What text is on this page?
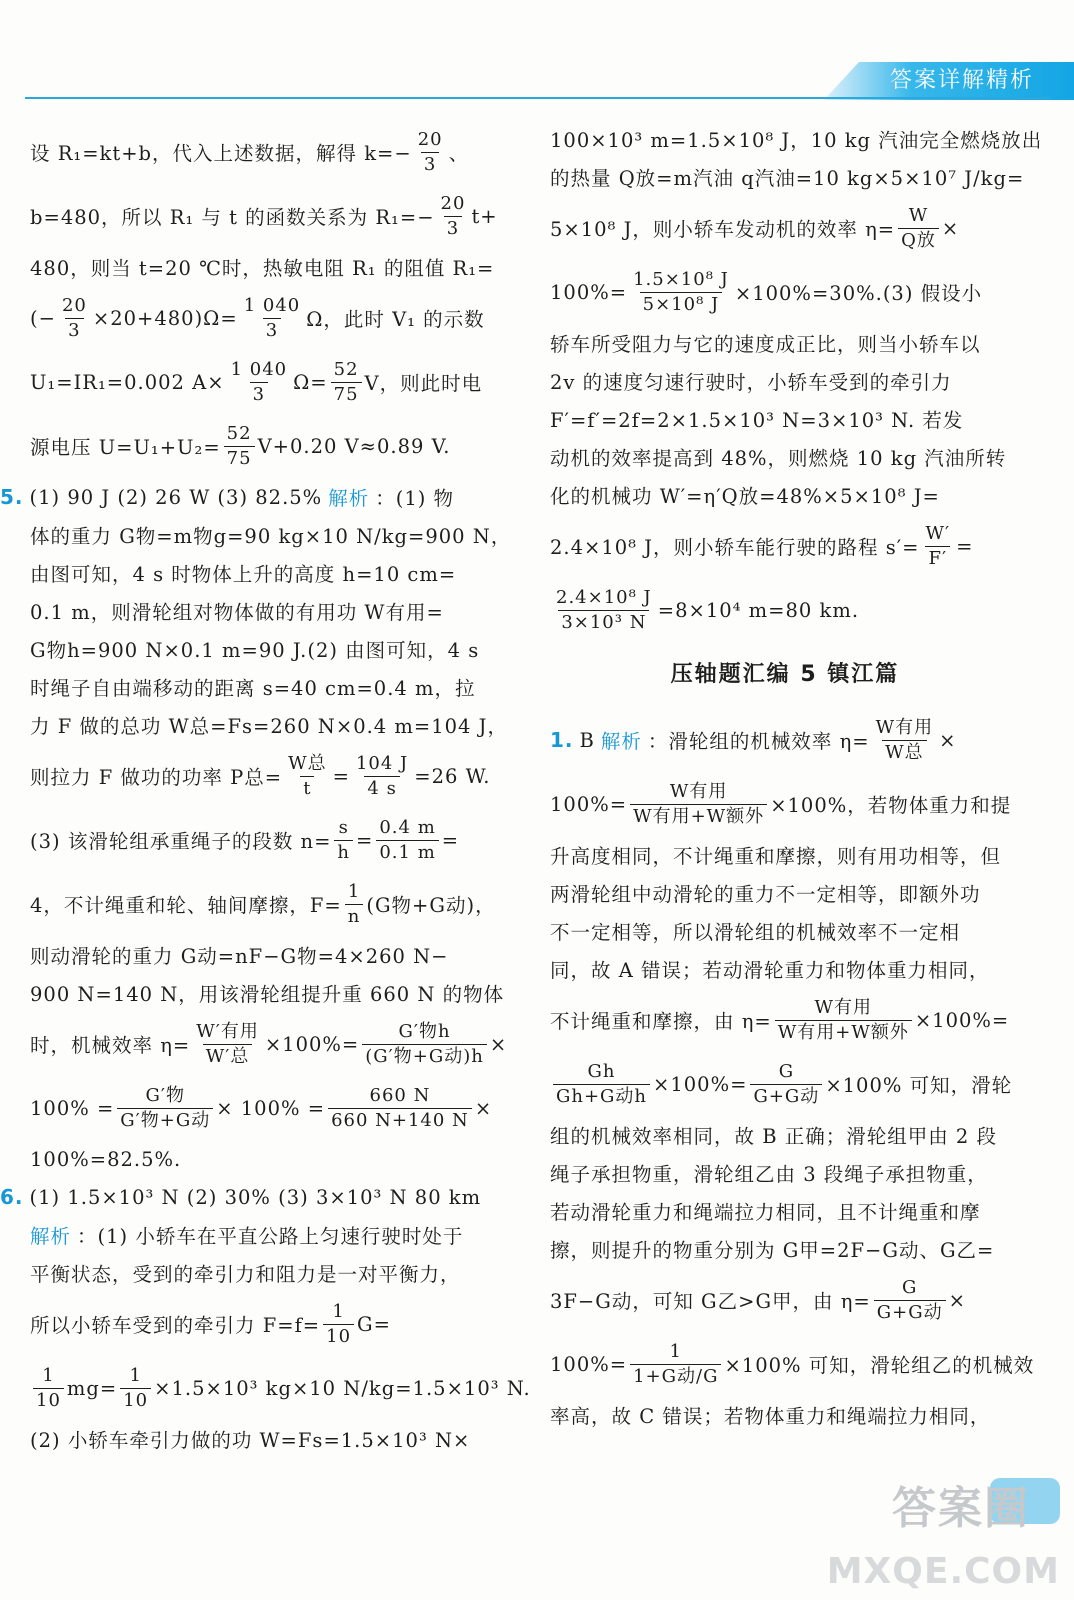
答案详解精析
设 R₁=kt+b，代入上述数据，解得 $k=- \frac{20}{3}$ 、
b=480，所以 R₁ 与 t 的函数关系为 $R_1=- \frac{20}{3} t+$
480，则当 t=20 ℃时，热敏电阻 R₁ 的阻值 R₁=
(− $\frac{20}{3} \times 20+480)\Omega= \frac{1 040}{3}$ Ω，此时 V₁ 的示数
U₁=IR₁=0.002 $A\times \frac{1 040}{3} \Omega= \frac{52}{75}$ V，则此时电
源电压 $U=U_1+U_2= \frac{52}{75} V+0.20$ V≈0.89 V.
5. (1) 90 J (2) 26 W (3) 82.5% 解析 ：(1) 物
体的重力 G物=m物g=90 kg×10 N/kg=900 N，
由图可知，4 s 时物体上升的高度 h=10 cm=
0.1 m，则滑轮组对物体做的有用功 W有用=
G物h=900 N×0.1 m=90 J.(2) 由图可知，4 s
时绳子自由端移动的距离 s=40 cm=0.4 m，拉
力 F 做的总功 W总=Fs=260 N×0.4 m=104 J，
则拉力 F 做功的功率 P总= $\frac{\text{W总}}{t} = \frac{104 J}{4 s} =26$ W.
(3) 该滑轮组承重绳子的段数 $n= \frac{s}{h} = \frac{0.4 m}{0.1 m}$ =
4，不计绳重和轮、轴间摩擦，$F= \frac{1}{n} (G$物+G动)，
则动滑轮的重力 G动=nF−G物=4×260 N−
900 N=140 N，用该滑轮组提升重 660 N 的物体
时，机械效率 $\eta= \frac{\text{W′有用}}{\text{W′总}} \times 100\%= \frac{\text{G′物h}}{\text{(G′物+G动)h}}$ ×
$100\% = \frac{\text{G′物}}{\text{G′物+G动}} \times 100\% = \frac{660 N}{660 N+140 N}$ ×
100%=82.5%.
6. (1) 1.5×10³ N (2) 30% (3) 3×10³ N 80 km
解析 ：(1) 小轿车在平直公路上匀速行驶时处于
平衡状态，受到的牵引力和阻力是一对平衡力，
所以小轿车受到的牵引力 $F=f= \frac{1}{10} G=$
$\frac{1}{10} mg= \frac{1}{10} \times 1.5\times 10^3$ kg×10 N/kg=1.5×10³ N.
(2) 小轿车牵引力做的功 W=Fs=1.5×10³ N×
100×10³ m=1.5×10⁸ J，10 kg 汽油完全燃烧放出
的热量 Q放=m汽油 q汽油=10 kg×5×10⁷ J/kg=
5×10⁸ J，则小轿车发动机的效率 $\eta= \frac{W}{\text{Q放}}$ ×
$100\%= \frac{\text{1.5×10⁸ J}}{\text{5×10⁸ J}} \times 100\%=30\%.(3)$ 假设小
轿车所受阻力与它的速度成正比，则当小轿车以
2v 的速度匀速行驶时，小轿车受到的牵引力
F′=f′=2f=2×1.5×10³ N=3×10³ N. 若发
动机的效率提高到 48%，则燃烧 10 kg 汽油所转
化的机械功 W′=η′Q放=48%×5×10⁸ J=
2.4×10⁸ J，则小轿车能行驶的路程 $s'= \frac{W'}{F'}$ =
$\frac{\text{2.4×10⁸ J}}{\text{3×10³ N}} =8\times 10^4$ m=80 km.
压轴题汇编 5 镇江篇
1. B 解析 ：滑轮组的机械效率 $\eta= \frac{\text{W有用}}{\text{W总}}$ ×
$100\%= \frac{\text{W有用}}{\text{W有用+W额外}} \times 100\%$，若物体重力和提
升高度相同，不计绳重和摩擦，则有用功相等，但
两滑轮组中动滑轮的重力不一定相等，即额外功
不一定相等，所以滑轮组的机械效率不一定相
同，故 A 错误；若动滑轮重力和物体重力相同，
不计绳重和摩擦，由 $\eta= \frac{\text{W有用}}{\text{W有用+W额外}} \times 100\%=$
$\frac{Gh}{\text{Gh+G动h}} \times 100\%= \frac{G}{\text{G+G动}} \times 100\%$ 可知，滑轮
组的机械效率相同，故 B 正确；滑轮组甲由 2 段
绳子承担物重，滑轮组乙由 3 段绳子承担物重，
若动滑轮重力和绳端拉力相同，且不计绳重和摩
擦，则提升的物重分别为 G甲=2F−G动、G乙=
3F−G动，可知 G乙>G甲，由 $\eta= \frac{G}{\text{G+G动}}$ ×
$100\%= \frac{1}{\text{1+G动/G}} \times 100\%$ 可知，滑轮组乙的机械效
率高，故 C 错误；若物体重力和绳端拉力相同，
答案圈
MXQE.COM
